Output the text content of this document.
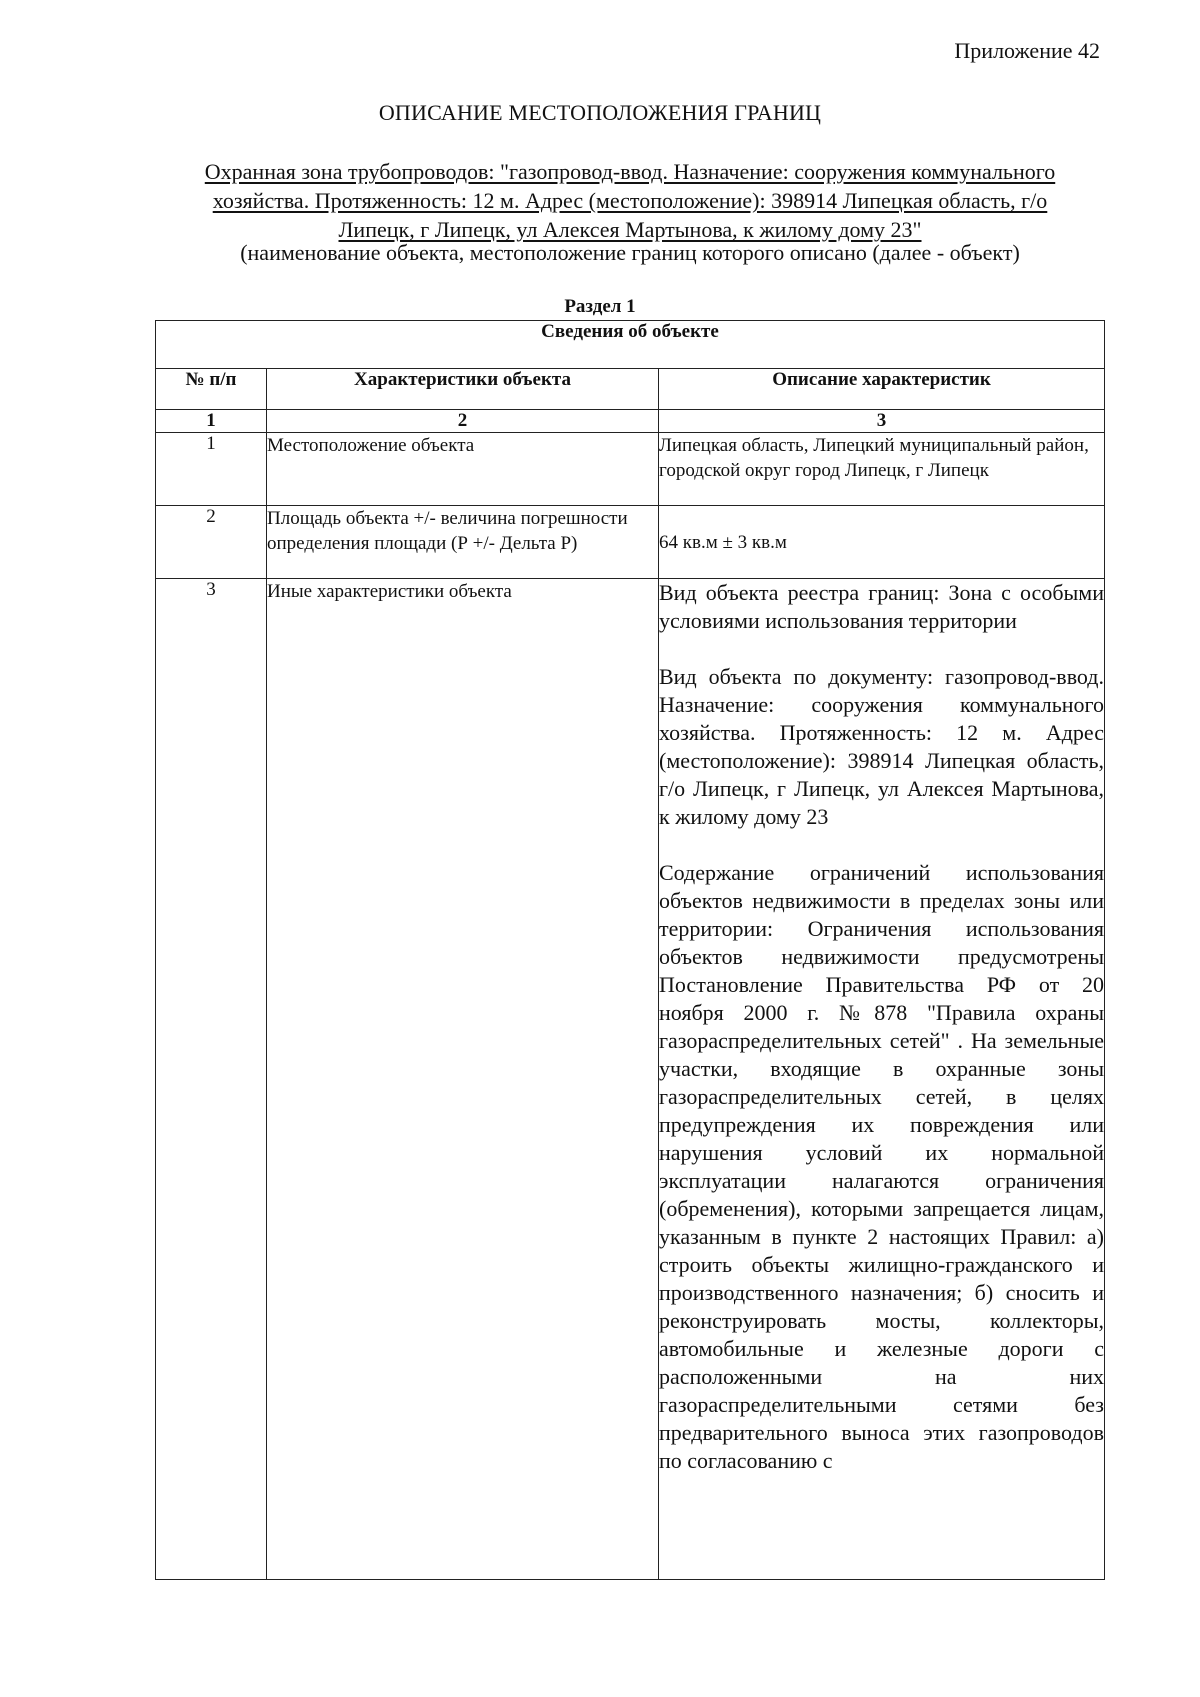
Приложение 42
ОПИСАНИЕ МЕСТОПОЛОЖЕНИЯ ГРАНИЦ
Охранная зона трубопроводов: "газопровод-ввод. Назначение: сооружения коммунального
хозяйства. Протяженность: 12 м. Адрес (местоположение): 398914 Липецкая область, г/о
Липецк, г Липецк, ул Алексея Мартынова, к жилому дому 23"
(наименование объекта, местоположение границ которого описано (далее - объект)
Раздел 1
Сведения об объекте		
№ п/п	Характеристики объекта	Описание характеристик
1	2	3
1	Местоположение объекта	Липецкая область, Липецкий муниципальный район, городской округ город Липецк, г Липецк
2	Площадь объекта +/- величина погрешности определения площади (Р +/- Дельта Р)	64 кв.м ± 3 кв.м
3	Иные характеристики объекта	Вид объекта реестра границ: Зона с особыми условиями использования территории

Вид объекта по документу: газопровод-ввод. Назначение: сооружения коммунального хозяйства. Протяженность: 12 м. Адрес (местоположение): 398914 Липецкая область, г/о Липецк, г Липецк, ул Алексея Мартынова, к жилому дому 23

Содержание ограничений использования объектов недвижимости в пределах зоны или территории: Ограничения использования объектов недвижимости предусмотрены Постановление Правительства РФ от 20 ноября 2000 г. №878 "Правила охраны газораспределительных сетей" . На земельные участки, входящие в охранные зоны газораспределительных сетей, в целях предупреждения их повреждения или нарушения условий их нормальной эксплуатации налагаются ограничения (обременения), которыми запрещается лицам, указанным в пункте 2 настоящих Правил: а) строить объекты жилищно-гражданского и производственного назначения; б) сносить и реконструировать мосты, коллекторы, автомобильные и железные дороги с расположенными на них газораспределительными сетями без предварительного выноса этих газопроводов по согласованию с
